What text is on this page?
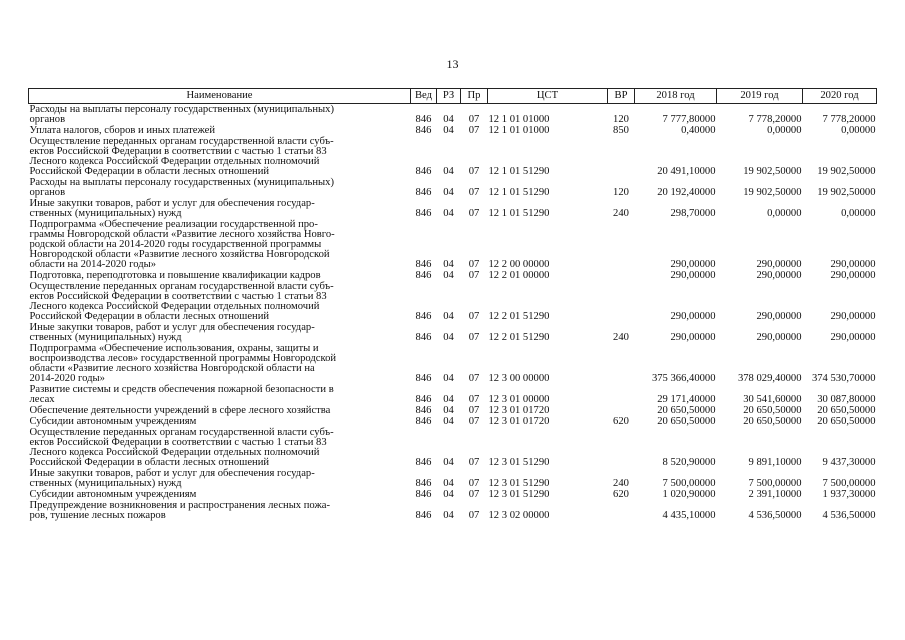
13
Наименование	Вед	РЗ	Пр	ЦСТ	ВР	2018 год	2019 год	2020 год

Расходы на выплаты персоналу государственных (муниципальных)
органов	846	04	07	12 1 01 01000	120	7 777,80000	7 778,20000	7 778,20000

Уплата налогов, сборов и иных платежей	846	04	07	12 1 01 01000	850	0,40000	0,00000	0,00000

Осуществление переданных органам государственной власти субъ-
ектов Российской Федерации в соответствии с частью 1 статьи 83
Лесного кодекса Российской Федерации отдельных полномочий
Российской Федерации в области лесных отношений	846	04	07	12 1 01 51290		20 491,10000	19 902,50000	19 902,50000

Расходы на выплаты персоналу государственных (муниципальных)
органов	846	04	07	12 1 01 51290	120	20 192,40000	19 902,50000	19 902,50000

Иные закупки товаров, работ и услуг для обеспечения государ-
ственных (муниципальных) нужд	846	04	07	12 1 01 51290	240	298,70000	0,00000	0,00000

Подпрограмма «Обеспечение реализации государственной про-
граммы Новгородской области «Развитие лесного хозяйства Новго-
родской области на 2014-2020 годы государственной программы
Новгородской области «Развитие лесного хозяйства Новгородской
области на 2014-2020 годы»	846	04	07	12 2 00 00000		290,00000	290,00000	290,00000

Подготовка, переподготовка и повышение квалификации кадров	846	04	07	12 2 01 00000		290,00000	290,00000	290,00000

Осуществление переданных органам государственной власти субъ-
ектов Российской Федерации в соответствии с частью 1 статьи 83
Лесного кодекса Российской Федерации отдельных полномочий
Российской Федерации в области лесных отношений	846	04	07	12 2 01 51290		290,00000	290,00000	290,00000

Иные закупки товаров, работ и услуг для обеспечения государ-
ственных (муниципальных) нужд	846	04	07	12 2 01 51290	240	290,00000	290,00000	290,00000

Подпрограмма «Обеспечение использования, охраны, защиты и
воспроизводства лесов» государственной программы Новгородской
области «Развитие лесного хозяйства Новгородской области на
2014-2020 годы»	846	04	07	12 3 00 00000		375 366,40000	378 029,40000	374 530,70000

Развитие системы и средств обеспечения пожарной безопасности в
лесах	846	04	07	12 3 01 00000		29 171,40000	30 541,60000	30 087,80000

Обеспечение деятельности учреждений в сфере лесного хозяйства	846	04	07	12 3 01 01720		20 650,50000	20 650,50000	20 650,50000

Субсидии автономным учреждениям	846	04	07	12 3 01 01720	620	20 650,50000	20 650,50000	20 650,50000

Осуществление переданных органам государственной власти субъ-
ектов Российской Федерации в соответствии с частью 1 статьи 83
Лесного кодекса Российской Федерации отдельных полномочий
Российской Федерации в области лесных отношений	846	04	07	12 3 01 51290		8 520,90000	9 891,10000	9 437,30000

Иные закупки товаров, работ и услуг для обеспечения государ-
ственных (муниципальных) нужд	846	04	07	12 3 01 51290	240	7 500,00000	7 500,00000	7 500,00000

Субсидии автономным учреждениям	846	04	07	12 3 01 51290	620	1 020,90000	2 391,10000	1 937,30000

Предупреждение возникновения и распространения лесных пожа-
ров, тушение лесных пожаров	846	04	07	12 3 02 00000		4 435,10000	4 536,50000	4 536,50000
